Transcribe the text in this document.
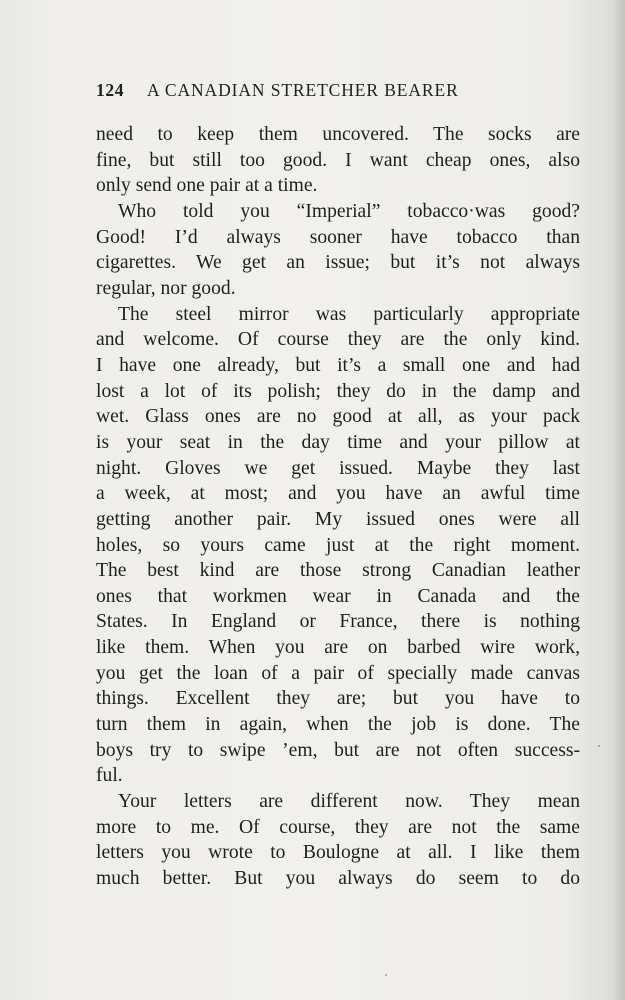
124 A CANADIAN STRETCHER BEARER

need to keep them uncovered. The socks are

fine, but still too good. I want cheap ones, also

only send one pair at a time.

Who told you “Imperial” tobacco·was good?

Good! I’d always sooner have tobacco than

cigarettes. We get an issue; but it’s not always

regular, nor good.

The steel mirror was particularly appropriate

and welcome. Of course they are the only kind.

I have one already, but it’s a small one and had

lost a lot of its polish; they do in the damp and

wet. Glass ones are no good at all, as your pack

is your seat in the day time and your pillow at

night. Gloves we get issued. Maybe they last

a week, at most; and you have an awful time

getting another pair. My issued ones were all

holes, so yours came just at the right moment.

The best kind are those strong Canadian leather

ones that workmen wear in Canada and the

States. In England or France, there is nothing

like them. When you are on barbed wire work,

you get the loan of a pair of specially made canvas

things. Excellent they are; but you have to

turn them in again, when the job is done. The

boys try to swipe ’em, but are not often success-

ful.

Your letters are different now. They mean

more to me. Of course, they are not the same

letters you wrote to Boulogne at all. I like them

much better. But you always do seem to do
